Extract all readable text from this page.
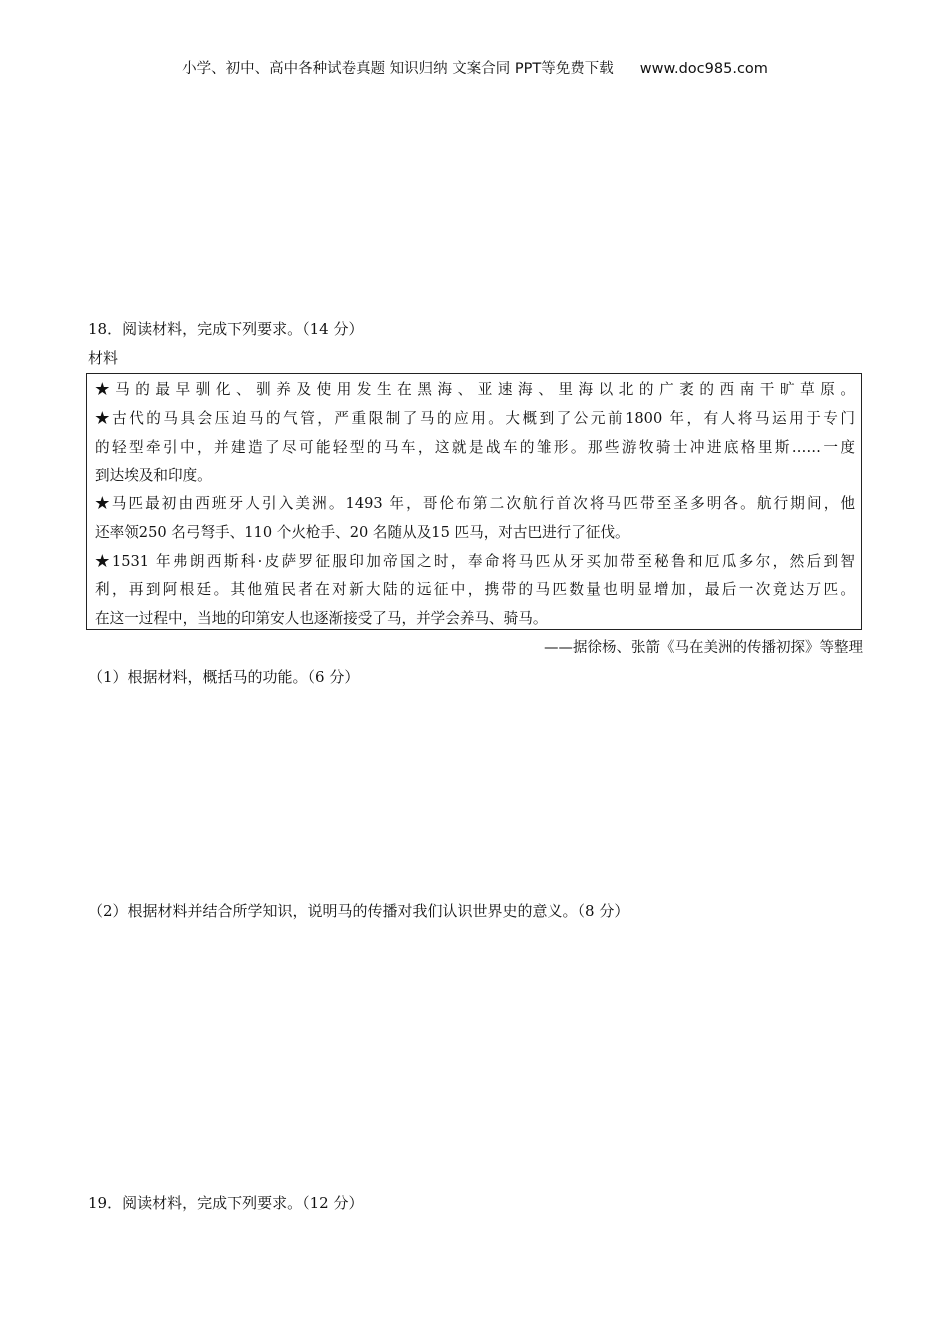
小学、初中、高中各种试卷真题 知识归纳 文案合同 PPT等免费下载 www.doc985.com
18．阅读材料，完成下列要求。（14 分）
材料
★马的最早驯化、驯养及使用发生在黑海、亚速海、里海以北的广袤的西南干旷草原。
★古代的马具会压迫马的气管，严重限制了马的应用。大概到了公元前1800 年，有人将马运用于专门
的轻型牵引中，并建造了尽可能轻型的马车，这就是战车的雏形。那些游牧骑士冲进底格里斯……一度
到达埃及和印度。
★马匹最初由西班牙人引入美洲。1493 年，哥伦布第二次航行首次将马匹带至圣多明各。航行期间，他
还率领250 名弓弩手、110 个火枪手、20 名随从及15 匹马，对古巴进行了征伐。
★1531 年弗朗西斯科·皮萨罗征服印加帝国之时，奉命将马匹从牙买加带至秘鲁和厄瓜多尔，然后到智
利，再到阿根廷。其他殖民者在对新大陆的远征中，携带的马匹数量也明显增加，最后一次竟达万匹。
在这一过程中，当地的印第安人也逐渐接受了马，并学会养马、骑马。
——据徐杨、张箭《马在美洲的传播初探》等整理
（1）根据材料，概括马的功能。（6 分）
（2）根据材料并结合所学知识，说明马的传播对我们认识世界史的意义。（8 分）
19．阅读材料，完成下列要求。（12 分）
